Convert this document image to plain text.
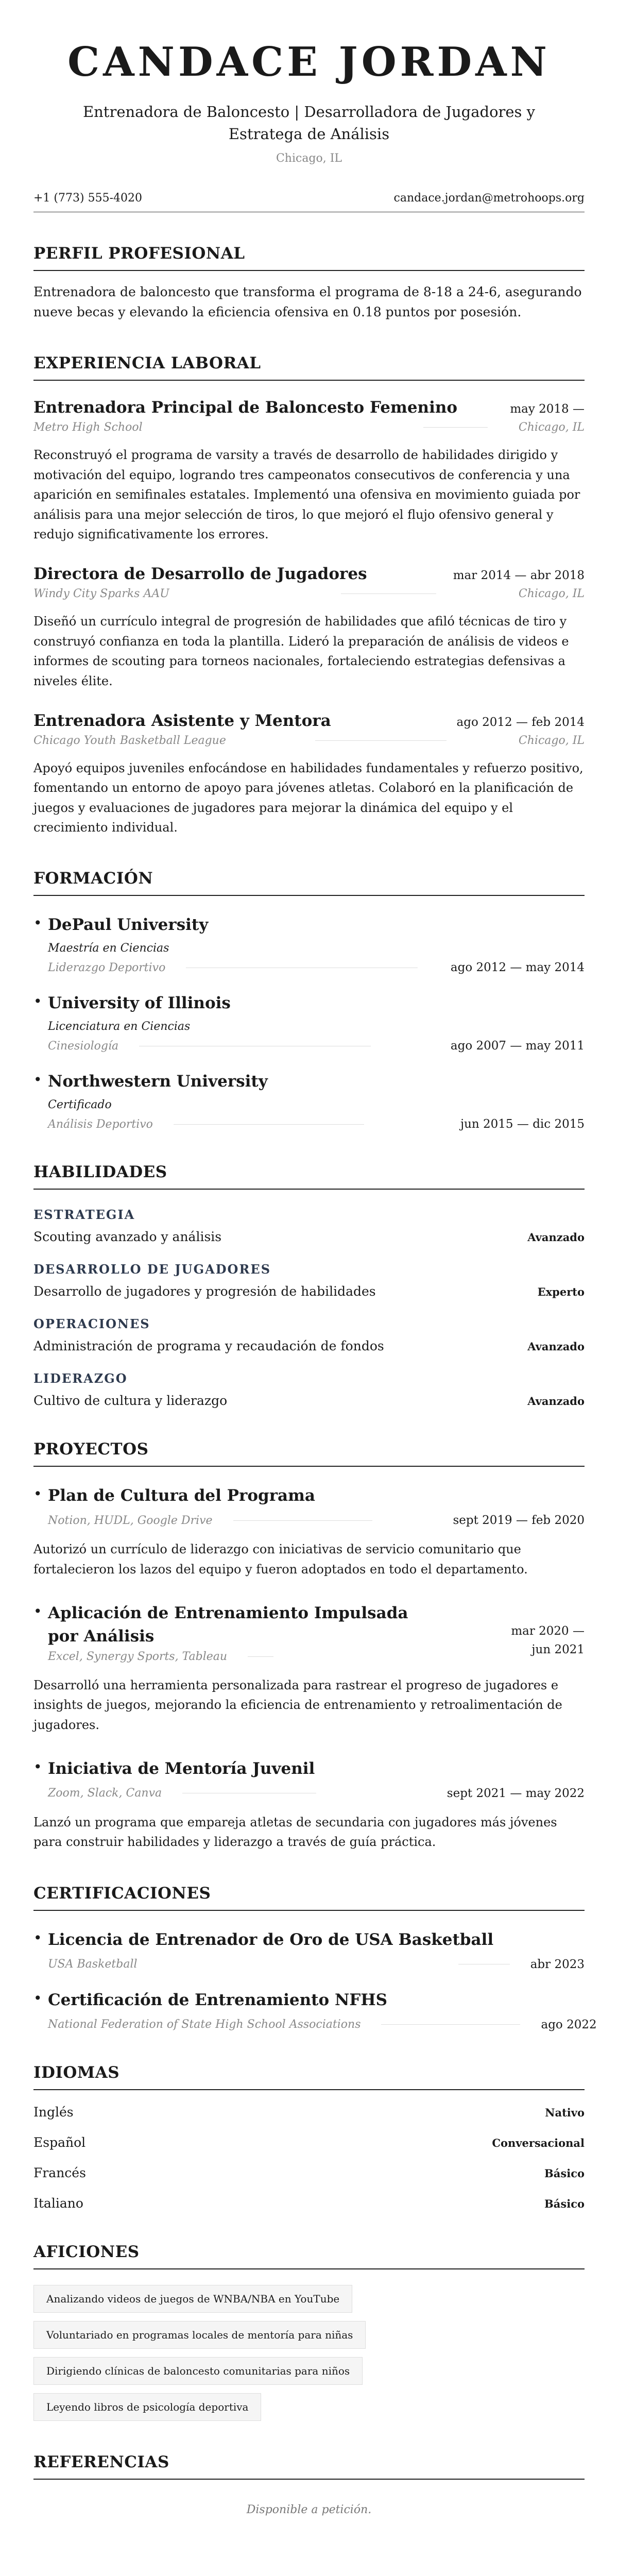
CANDACE JORDAN
Entrenadora de Baloncesto | Desarrolladora de Jugadores y Estratega de Análisis
Chicago, IL
+1 (773) 555-4020	candace.jordan@metrohoops.org
PERFIL PROFESIONAL
Entrenadora de baloncesto que transforma el programa de 8-18 a 24-6, asegurando nueve becas y elevando la eficiencia ofensiva en 0.18 puntos por posesión.
EXPERIENCIA LABORAL
Entrenadora Principal de Baloncesto Femenino	may 2018 —
Metro High School	Chicago, IL
Reconstruyó el programa de varsity a través de desarrollo de habilidades dirigido y motivación del equipo, logrando tres campeonatos consecutivos de conferencia y una aparición en semifinales estatales. Implementó una ofensiva en movimiento guiada por análisis para una mejor selección de tiros, lo que mejoró el flujo ofensivo general y redujo significativamente los errores.
Directora de Desarrollo de Jugadores	mar 2014 — abr 2018
Windy City Sparks AAU	Chicago, IL
Diseñó un currículo integral de progresión de habilidades que afiló técnicas de tiro y construyó confianza en toda la plantilla. Lideró la preparación de análisis de videos e informes de scouting para torneos nacionales, fortaleciendo estrategias defensivas a niveles élite.
Entrenadora Asistente y Mentora	ago 2012 — feb 2014
Chicago Youth Basketball League	Chicago, IL
Apoyó equipos juveniles enfocándose en habilidades fundamentales y refuerzo positivo, fomentando un entorno de apoyo para jóvenes atletas. Colaboró en la planificación de juegos y evaluaciones de jugadores para mejorar la dinámica del equipo y el crecimiento individual.
FORMACIÓN
• DePaul University
Maestría en Ciencias
Liderazgo Deportivo	ago 2012 — may 2014
• University of Illinois
Licenciatura en Ciencias
Cinesiología	ago 2007 — may 2011
• Northwestern University
Certificado
Análisis Deportivo	jun 2015 — dic 2015
HABILIDADES
ESTRATEGIA
Scouting avanzado y análisis	Avanzado
DESARROLLO DE JUGADORES
Desarrollo de jugadores y progresión de habilidades	Experto
OPERACIONES
Administración de programa y recaudación de fondos	Avanzado
LIDERAZGO
Cultivo de cultura y liderazgo	Avanzado
PROYECTOS
• Plan de Cultura del Programa
Notion, HUDL, Google Drive	sept 2019 — feb 2020
Autorizó un currículo de liderazgo con iniciativas de servicio comunitario que fortalecieron los lazos del equipo y fueron adoptados en todo el departamento.
• Aplicación de Entrenamiento Impulsada por Análisis
Excel, Synergy Sports, Tableau
mar 2020 — jun 2021
Desarrolló una herramienta personalizada para rastrear el progreso de jugadores e insights de juegos, mejorando la eficiencia de entrenamiento y retroalimentación de jugadores.
• Iniciativa de Mentoría Juvenil
Zoom, Slack, Canva	sept 2021 — may 2022
Lanzó un programa que empareja atletas de secundaria con jugadores más jóvenes para construir habilidades y liderazgo a través de guía práctica.
CERTIFICACIONES
• Licencia de Entrenador de Oro de USA Basketball
USA Basketball	abr 2023
• Certificación de Entrenamiento NFHS
National Federation of State High School Associations	ago 2022
IDIOMAS
Inglés	Nativo
Español	Conversacional
Francés	Básico
Italiano	Básico
AFICIONES
Analizando videos de juegos de WNBA/NBA en YouTube
Voluntariado en programas locales de mentoría para niñas
Dirigiendo clínicas de baloncesto comunitarias para niños
Leyendo libros de psicología deportiva
REFERENCIAS
Disponible a petición.
